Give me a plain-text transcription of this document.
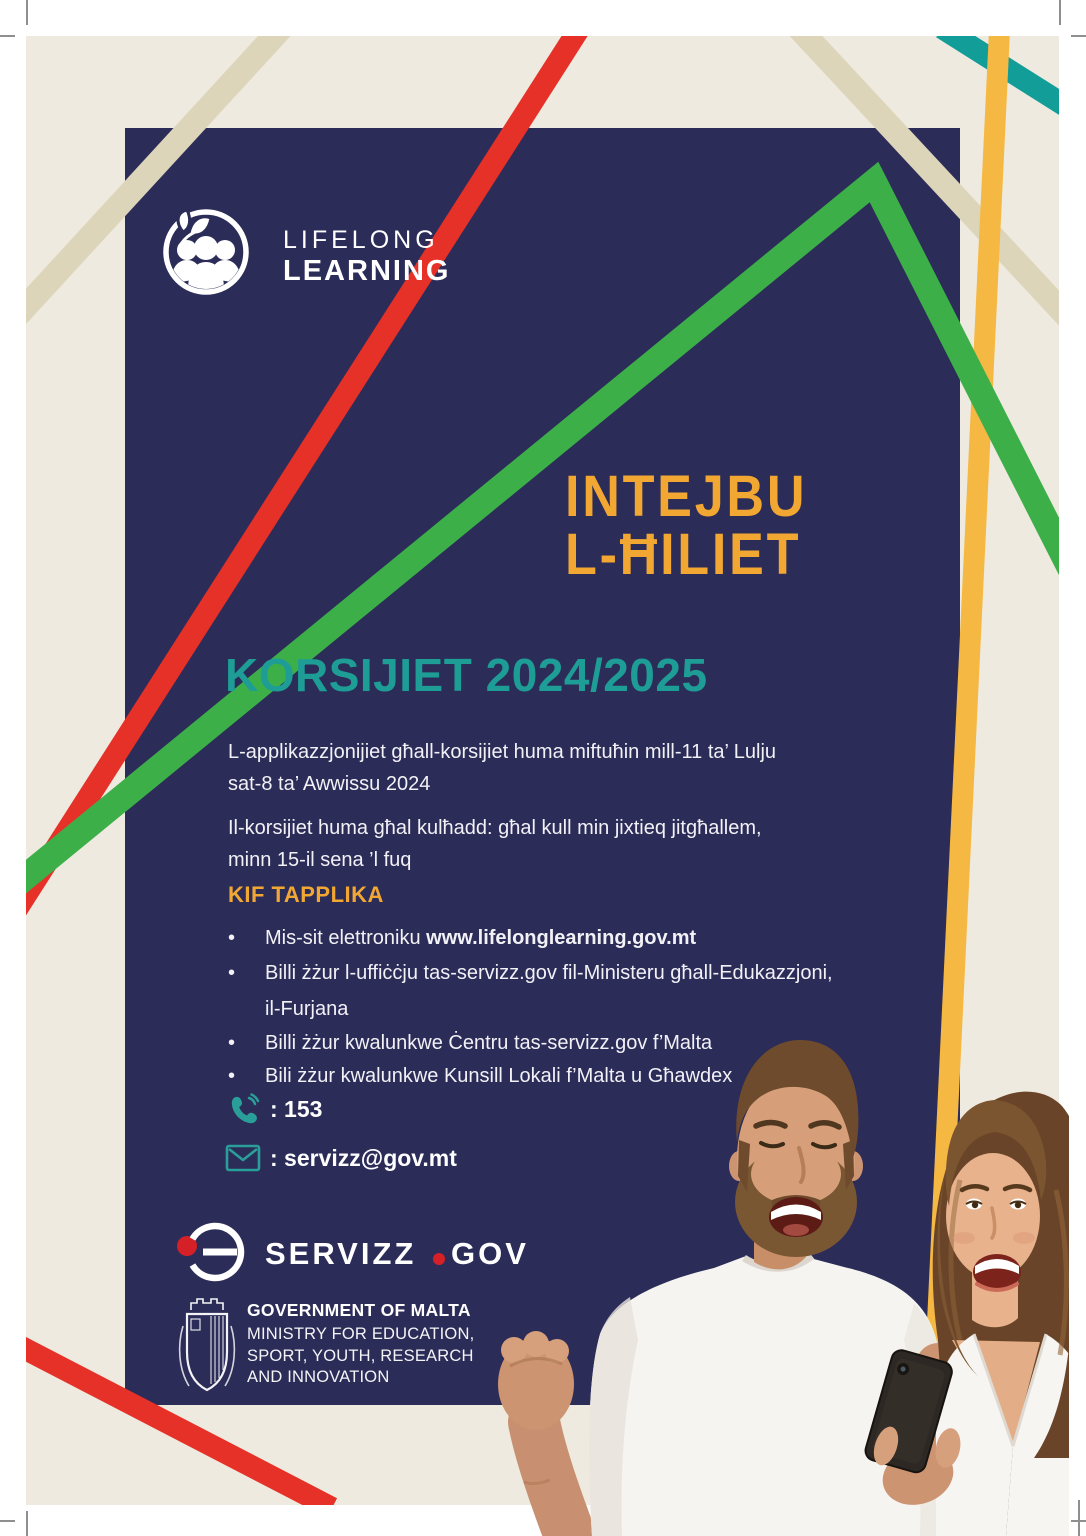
LIFELONG
LEARNING
INTEJBU
L-ĦILIET
KORSIJIET 2024/2025
L-applikazzjonijiet għall-korsijiet huma miftuħin mill-11 ta’ Lulju
sat-8 ta’ Awwissu 2024
Il-korsijiet huma għal kulħadd: għal kull min jixtieq jitgħallem,
minn 15-il sena ’l fuq
KIF TAPPLIKA
• Mis-sit elettroniku www.lifelonglearning.gov.mt
• Billi żżur l-uffiċċju tas-servizz.gov fil-Ministeru għall-Edukazzjoni,
il-Furjana
• Billi żżur kwalunkwe Ċentru tas-servizz.gov f’Malta
• Bili żżur kwalunkwe Kunsill Lokali f’Malta u Għawdex
: 153
: servizz@gov.mt
SERVIZZ GOV
GOVERNMENT OF MALTA
MINISTRY FOR EDUCATION,
SPORT, YOUTH, RESEARCH
AND INNOVATION
